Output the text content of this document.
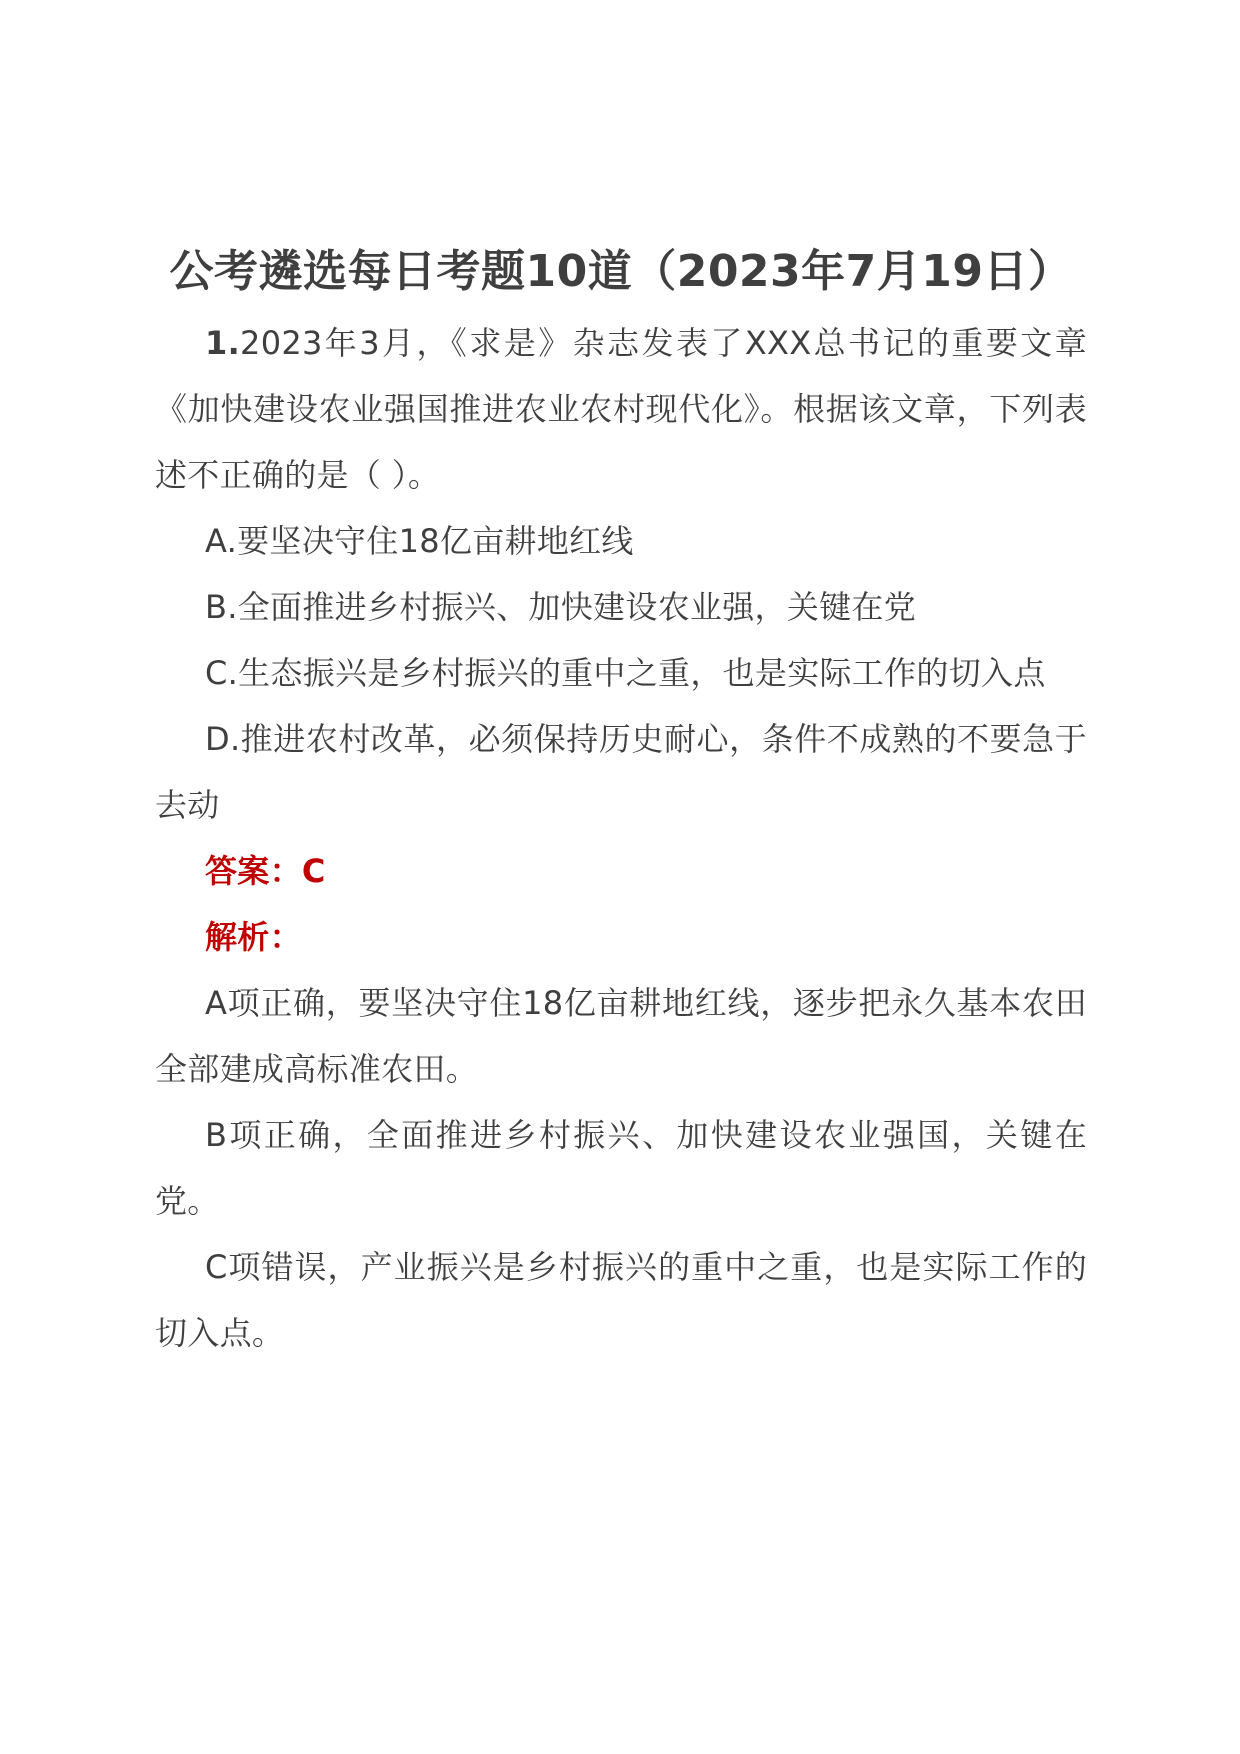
公考遴选每日考题10道（2023年7月19日）

1.2023年3月，《求是》杂志发表了XXX总书记的重要文章《加快建设农业强国推进农业农村现代化》。根据该文章，下列表述不正确的是（ ）。

A.要坚决守住18亿亩耕地红线

B.全面推进乡村振兴、加快建设农业强，关键在党

C.生态振兴是乡村振兴的重中之重，也是实际工作的切入点

D.推进农村改革，必须保持历史耐心，条件不成熟的不要急于去动

答案：C

解析：

A项正确，要坚决守住18亿亩耕地红线，逐步把永久基本农田全部建成高标准农田。

B项正确，全面推进乡村振兴、加快建设农业强国，关键在党。

C项错误，产业振兴是乡村振兴的重中之重，也是实际工作的切入点。
